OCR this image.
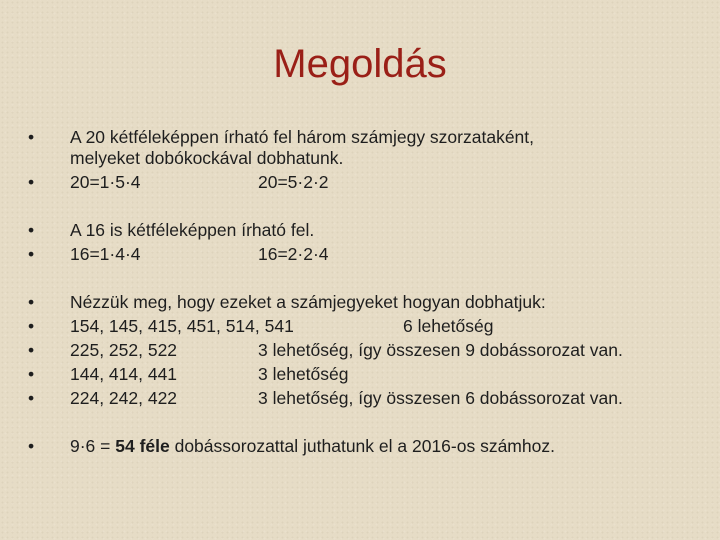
Megoldás
•	A 20 kétféleképpen írható fel három számjegy szorzataként,
melyeket dobókockával dobhatunk.
•	20=1·5·4	20=5·2·2
•	A 16 is kétféleképpen írható fel.
•	16=1·4·4	16=2·2·4
•	Nézzük meg, hogy ezeket a számjegyeket hogyan dobhatjuk:
•	154, 145, 415, 451, 514, 541	6 lehetőség
•	225, 252, 522	3 lehetőség, így összesen 9 dobássorozat van.
•	144, 414, 441	3 lehetőség
•	224, 242, 422	3 lehetőség, így összesen 6 dobássorozat van.
•	9·6 = 54 féle dobássorozattal juthatunk el a 2016-os számhoz.
